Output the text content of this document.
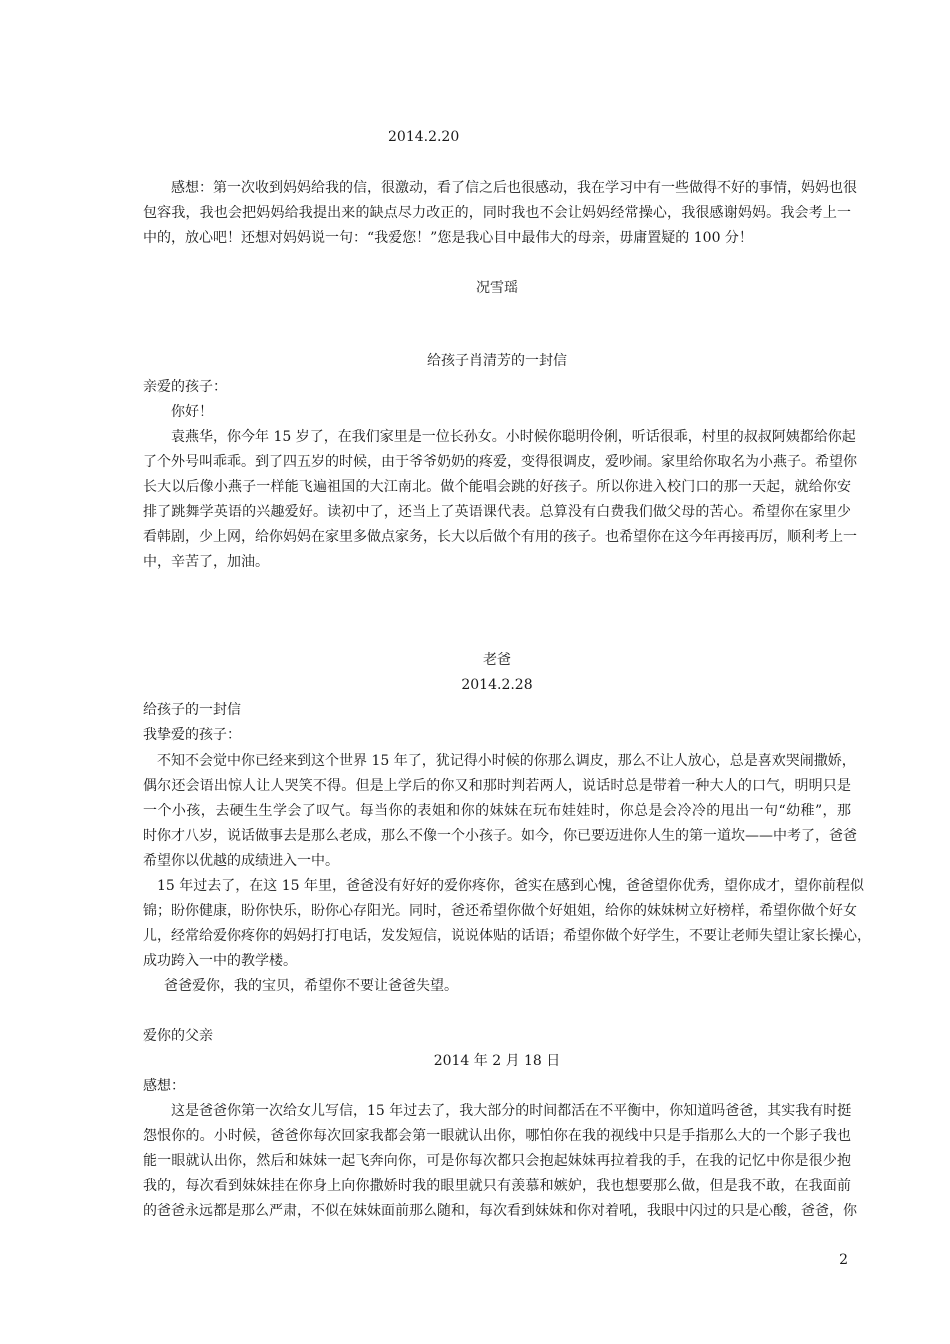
2014.2.20

感想：第一次收到妈妈给我的信，很激动，看了信之后也很感动，我在学习中有一些做得不好的事情，妈妈也很

包容我，我也会把妈妈给我提出来的缺点尽力改正的，同时我也不会让妈妈经常操心，我很感谢妈妈。我会考上一

中的，放心吧！还想对妈妈说一句：“我爱您！”您是我心目中最伟大的母亲，毋庸置疑的 100 分！

况雪瑶

给孩子肖清芳的一封信

亲爱的孩子：

你好！

袁燕华，你今年 15 岁了，在我们家里是一位长孙女。小时候你聪明伶俐，听话很乖，村里的叔叔阿姨都给你起

了个外号叫乖乖。到了四五岁的时候，由于爷爷奶奶的疼爱，变得很调皮，爱吵闹。家里给你取名为小燕子。希望你

长大以后像小燕子一样能飞遍祖国的大江南北。做个能唱会跳的好孩子。所以你进入校门口的那一天起，就给你安

排了跳舞学英语的兴趣爱好。读初中了，还当上了英语课代表。总算没有白费我们做父母的苦心。希望你在家里少

看韩剧，少上网，给你妈妈在家里多做点家务，长大以后做个有用的孩子。也希望你在这今年再接再厉，顺利考上一

中，辛苦了，加油。

老爸

2014.2.28

给孩子的一封信

我挚爱的孩子：

不知不会觉中你已经来到这个世界 15 年了，犹记得小时候的你那么调皮，那么不让人放心，总是喜欢哭闹撒娇，

偶尔还会语出惊人让人哭笑不得。但是上学后的你又和那时判若两人，说话时总是带着一种大人的口气，明明只是

一个小孩，去硬生生学会了叹气。每当你的表姐和你的妹妹在玩布娃娃时，你总是会冷冷的甩出一句“幼稚”，那

时你才八岁，说话做事去是那么老成，那么不像一个小孩子。如今，你已要迈进你人生的第一道坎——中考了，爸爸

希望你以优越的成绩进入一中。

15 年过去了，在这 15 年里，爸爸没有好好的爱你疼你，爸实在感到心愧，爸爸望你优秀，望你成才，望你前程似

锦；盼你健康，盼你快乐，盼你心存阳光。同时，爸还希望你做个好姐姐，给你的妹妹树立好榜样，希望你做个好女

儿，经常给爱你疼你的妈妈打打电话，发发短信，说说体贴的话语；希望你做个好学生，不要让老师失望让家长操心，

成功跨入一中的教学楼。

爸爸爱你，我的宝贝，希望你不要让爸爸失望。

爱你的父亲

2014 年 2 月 18 日

感想：

这是爸爸你第一次给女儿写信，15 年过去了，我大部分的时间都活在不平衡中，你知道吗爸爸，其实我有时挺

怨恨你的。小时候，爸爸你每次回家我都会第一眼就认出你，哪怕你在我的视线中只是手指那么大的一个影子我也

能一眼就认出你，然后和妹妹一起飞奔向你，可是你每次都只会抱起妹妹再拉着我的手，在我的记忆中你是很少抱

我的，每次看到妹妹挂在你身上向你撒娇时我的眼里就只有羡慕和嫉妒，我也想要那么做，但是我不敢，在我面前

的爸爸永远都是那么严肃，不似在妹妹面前那么随和，每次看到妹妹和你对着吼，我眼中闪过的只是心酸，爸爸，你

2
